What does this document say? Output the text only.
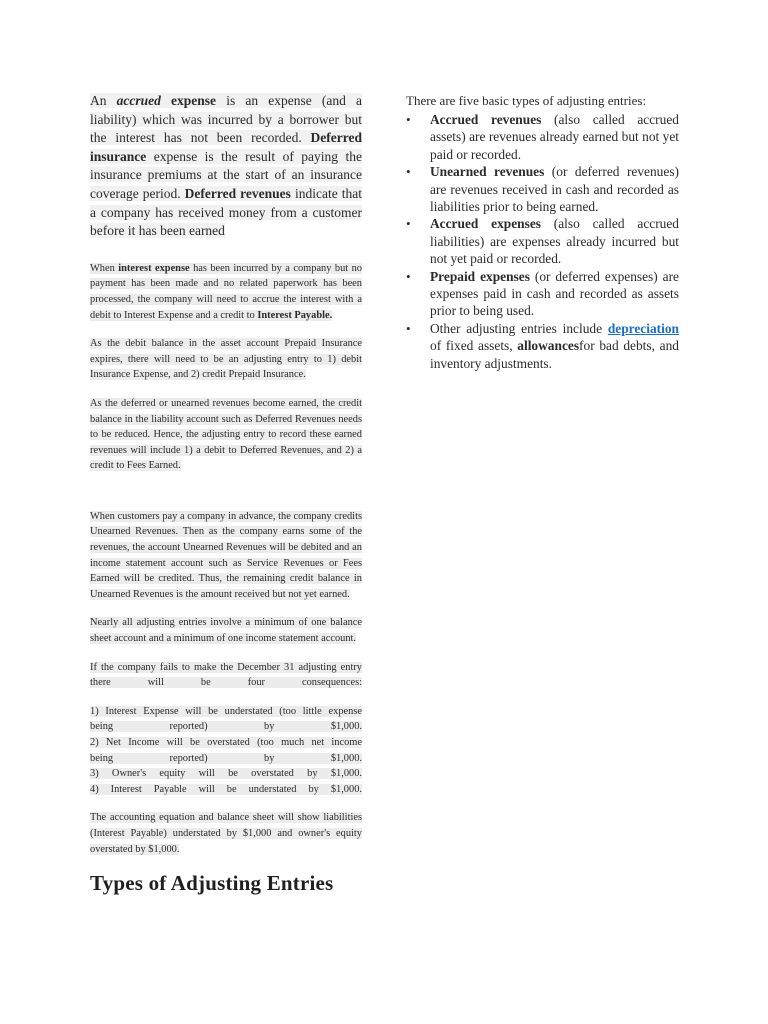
An accrued expense is an expense (and a liability) which was incurred by a borrower but the interest has not been recorded. Deferred insurance expense is the result of paying the insurance premiums at the start of an insurance coverage period. Deferred revenues indicate that a company has received money from a customer before it has been earned

When interest expense has been incurred by a company but no payment has been made and no related paperwork has been processed, the company will need to accrue the interest with a debit to Interest Expense and a credit to Interest Payable.

As the debit balance in the asset account Prepaid Insurance expires, there will need to be an adjusting entry to 1) debit Insurance Expense, and 2) credit Prepaid Insurance.

As the deferred or unearned revenues become earned, the credit balance in the liability account such as Deferred Revenues needs to be reduced. Hence, the adjusting entry to record these earned revenues will include 1) a debit to Deferred Revenues, and 2) a credit to Fees Earned.

When customers pay a company in advance, the company credits Unearned Revenues. Then as the company earns some of the revenues, the account Unearned Revenues will be debited and an income statement account such as Service Revenues or Fees Earned will be credited. Thus, the remaining credit balance in Unearned Revenues is the amount received but not yet earned.

Nearly all adjusting entries involve a minimum of one balance sheet account and a minimum of one income statement account.

If the company fails to make the December 31 adjusting entry there will be four consequences:

1) Interest Expense will be understated (too little expense
being reported) by $1,000.
2) Net Income will be overstated (too much net income
being reported) by $1,000.
3) Owner's equity will be overstated by $1,000.
4) Interest Payable will be understated by $1,000.

The accounting equation and balance sheet will show liabilities (Interest Payable) understated by $1,000 and owner's equity overstated by $1,000.

Types of Adjusting Entries

There are five basic types of adjusting entries:

• Accrued revenues (also called accrued assets) are revenues already earned but not yet paid or recorded.
• Unearned revenues (or deferred revenues) are revenues received in cash and recorded as liabilities prior to being earned.
• Accrued expenses (also called accrued liabilities) are expenses already incurred but not yet paid or recorded.
• Prepaid expenses (or deferred expenses) are expenses paid in cash and recorded as assets prior to being used.
• Other adjusting entries include depreciation of fixed assets, allowancesfor bad debts, and inventory adjustments.
